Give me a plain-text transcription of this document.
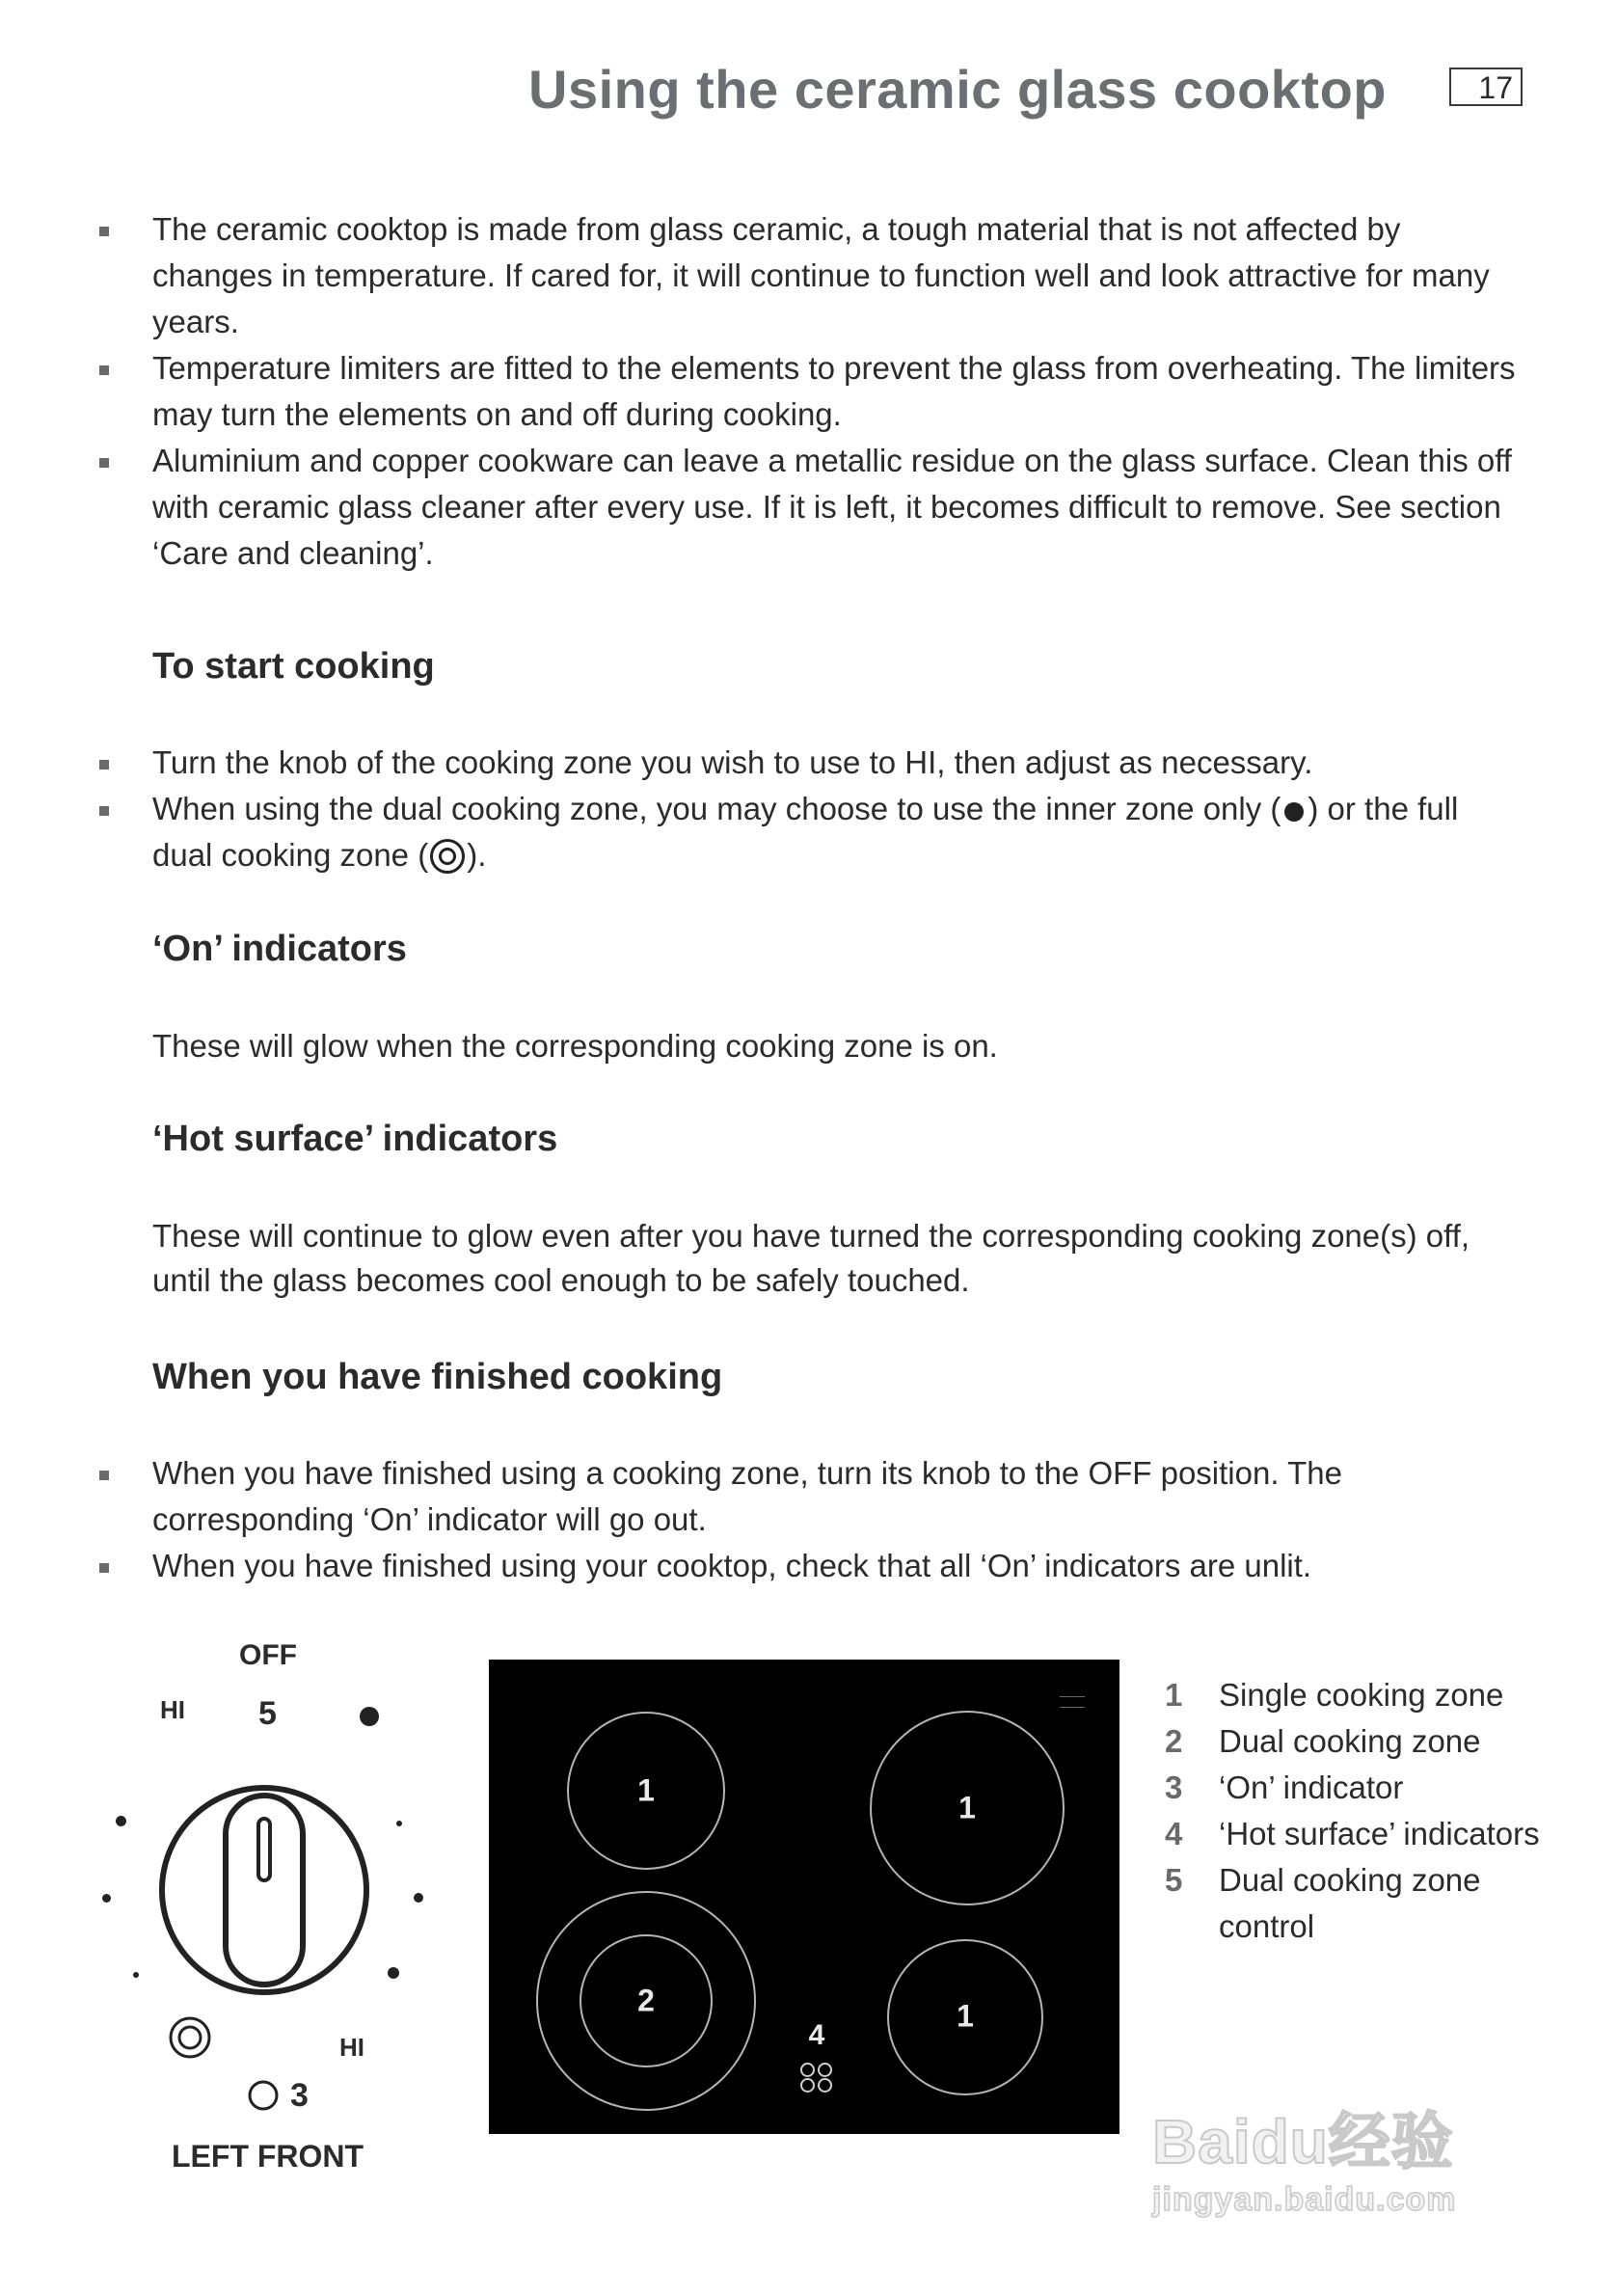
Using the ceramic glass cooktop	17
The ceramic cooktop is made from glass ceramic, a tough material that is not affected by changes in temperature. If cared for, it will continue to function well and look attractive for many years.
Temperature limiters are fitted to the elements to prevent the glass from overheating. The limiters may turn the elements on and off during cooking.
Aluminium and copper cookware can leave a metallic residue on the glass surface. Clean this off with ceramic glass cleaner after every use. If it is left, it becomes difficult to remove. See section ‘Care and cleaning’.
To start cooking
Turn the knob of the cooking zone you wish to use to HI, then adjust as necessary.
When using the dual cooking zone, you may choose to use the inner zone only ( ) or the full dual cooking zone ( ).
‘On’ indicators

These will glow when the corresponding cooking zone is on.

‘Hot surface’ indicators

These will continue to glow even after you have turned the corresponding cooking zone(s) off, until the glass becomes cool enough to be safely touched.

When you have finished cooking
When you have finished using a cooking zone, turn its knob to the OFF position. The corresponding ‘On’ indicator will go out.
When you have finished using your cooktop, check that all ‘On’ indicators are unlit.
OFF
HI 5
HI
3
LEFT FRONT
1	1
2	1
4
1	Single cooking zone
2	Dual cooking zone
3	‘On’ indicator
4	‘Hot surface’ indicators
5	Dual cooking zone control
Baidu经验
jingyan.baidu.com
